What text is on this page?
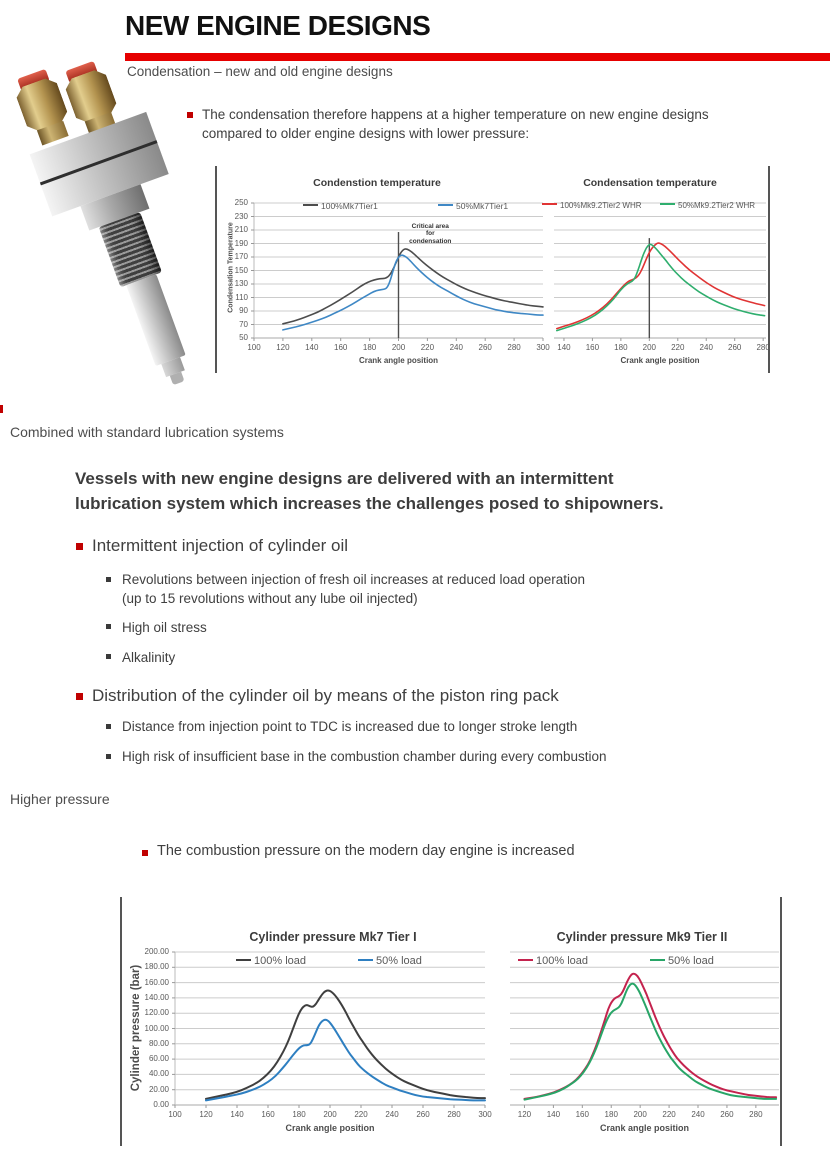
NEW ENGINE DESIGNS
Condensation – new and old engine designs
The condensation therefore happens at a higher temperature on new engine designs
compared to older engine designs with lower pressure:
Critical area
for
condensation
Condenstion temperature
100%Mk7Tier1	50%Mk7Tier1
100	120	140	160	180	200	220	240	260	280	300
50
70
90
110
130
150
170
190
210
230
250
Crank angle position
Condensation Temperature
Condensation temperature
100%Mk9.2Tier2 WHR	50%Mk9.2Tier2 WHR
140	160	180	200	220	240	260	280
Crank angle position
Combined with standard lubrication systems
Vessels with new engine designs are delivered with an intermittent
lubrication system which increases the challenges posed to shipowners.
Intermittent injection of cylinder oil
Revolutions between injection of fresh oil increases at reduced load operation
(up to 15 revolutions without any lube oil injected)
High oil stress
Alkalinity
Distribution of the cylinder oil by means of the piston ring pack
Distance from injection point to TDC is increased due to longer stroke length
High risk of insufficient base in the combustion chamber during every combustion
Higher pressure
The combustion pressure on the modern day engine is increased
Cylinder pressure Mk7 Tier I
100% load	50% load
100	120	140	160	180	200	220	240	260	280	300
0.00
20.00
40.00
60.00
80.00
100.00
120.00
140.00
160.00
180.00
200.00
Crank angle position
Cylinder pressure (bar)
Cylinder pressure Mk9 Tier II
100% load	50% load
120	140	160	180	200	220	240	260	280
Crank angle position
